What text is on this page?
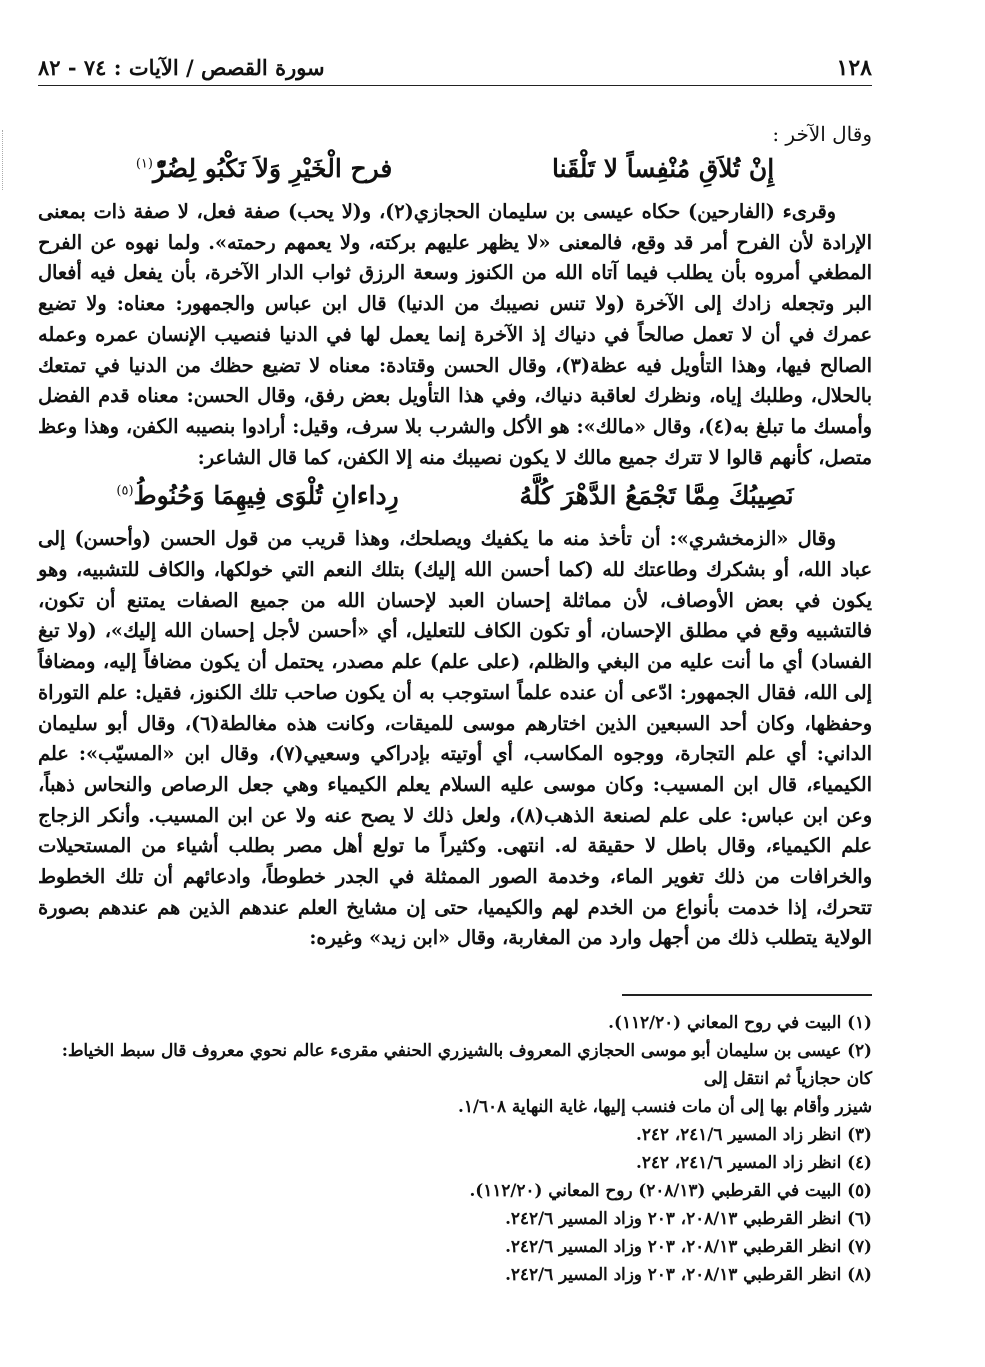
١٢٨
سورة القصص / الآيات : ٧٤ - ٨٢
وقال الآخر :
إِنْ تُلاَقِ مُنْفِساً لا تَلْقَنا
فرح الْخَيْرِ وَلاَ نَكْبُو لِضُرّْ$^{(١)}$

وقرىء (الفارحين) حكاه عيسى بن سليمان الحجازي(٢)، و(لا يحب) صفة فعل، لا صفة ذات بمعنى الإرادة لأن الفرح أمر قد وقع، فالمعنى «لا يظهر عليهم بركته، ولا يعمهم رحمته». ولما نهوه عن الفرح المطغي أمروه بأن يطلب فيما آتاه الله من الكنوز وسعة الرزق ثواب الدار الآخرة، بأن يفعل فيه أفعال البر وتجعله زادك إلى الآخرة (ولا تنس نصيبك من الدنيا) قال ابن عباس والجمهور: معناه: ولا تضيع عمرك في أن لا تعمل صالحاً في دنياك إذ الآخرة إنما يعمل لها في الدنيا فنصيب الإنسان عمره وعمله الصالح فيها، وهذا التأويل فيه عظة(٣)، وقال الحسن وقتادة: معناه لا تضيع حظك من الدنيا في تمتعك بالحلال، وطلبك إياه، ونظرك لعاقبة دنياك، وفي هذا التأويل بعض رفق، وقال الحسن: معناه قدم الفضل وأمسك ما تبلغ به(٤)، وقال «مالك»: هو الأكل والشرب بلا سرف، وقيل: أرادوا بنصيبه الكفن، وهذا وعظ متصل، كأنهم قالوا لا تترك جميع مالك لا يكون نصيبك منه إلا الكفن، كما قال الشاعر:

نَصِيبُكَ مِمَّا تَجْمَعُ الدَّهْرَ كُلَّهُ
رِداءانِ تُلْوَى فِيهِمَا وَحُنُوطُ$^{(٥)}$

وقال «الزمخشري»: أن تأخذ منه ما يكفيك ويصلحك، وهذا قريب من قول الحسن (وأحسن) إلى عباد الله، أو بشكرك وطاعتك لله (كما أحسن الله إليك) بتلك النعم التي خولكها، والكاف للتشبيه، وهو يكون في بعض الأوصاف، لأن مماثلة إحسان العبد لإحسان الله من جميع الصفات يمتنع أن تكون، فالتشبيه وقع في مطلق الإحسان، أو تكون الكاف للتعليل، أي «أحسن لأجل إحسان الله إليك»، (ولا تبغ الفساد) أي ما أنت عليه من البغي والظلم، (على علم) علم مصدر، يحتمل أن يكون مضافاً إليه، ومضافاً إلى الله، فقال الجمهور: ادّعى أن عنده علماً استوجب به أن يكون صاحب تلك الكنوز، فقيل: علم التوراة وحفظها، وكان أحد السبعين الذين اختارهم موسى للميقات، وكانت هذه مغالطة(٦)، وقال أبو سليمان الداني: أي علم التجارة، ووجوه المكاسب، أي أوتيته بإدراكي وسعيي(٧)، وقال ابن «المسيّب»: علم الكيمياء، قال ابن المسيب: وكان موسى عليه السلام يعلم الكيمياء وهي جعل الرصاص والنحاس ذهباً، وعن ابن عباس: على علم لصنعة الذهب(٨)، ولعل ذلك لا يصح عنه ولا عن ابن المسيب. وأنكر الزجاج علم الكيمياء، وقال باطل لا حقيقة له. انتهى. وكثيراً ما تولع أهل مصر بطلب أشياء من المستحيلات والخرافات من ذلك تغوير الماء، وخدمة الصور الممثلة في الجدر خطوطاً، وادعائهم أن تلك الخطوط تتحرك، إذا خدمت بأنواع من الخدم لهم والكيميا، حتى إن مشايخ العلم عندهم الذين هم عندهم بصورة الولاية يتطلب ذلك من أجهل وارد من المغاربة، وقال «ابن زيد» وغيره:

(١) البيت في روح المعاني (١١٢/٢٠).
(٢) عيسى بن سليمان أبو موسى الحجازي المعروف بالشيزري الحنفي مقرىء عالم نحوي معروف قال سبط الخياط: كان حجازياً ثم انتقل إلى
شيزر وأقام بها إلى أن مات فنسب إليها، غاية النهاية ١/٦٠٨.
(٣) انظر زاد المسير ٢٤١/٦، ٢٤٢.
(٤) انظر زاد المسير ٢٤١/٦، ٢٤٢.
(٥) البيت في القرطبي (٢٠٨/١٣) روح المعاني (١١٢/٢٠).
(٦) انظر القرطبي ٢٠٨/١٣، ٢٠٣ وزاد المسير ٢٤٢/٦.
(٧) انظر القرطبي ٢٠٨/١٣، ٢٠٣ وزاد المسير ٢٤٢/٦.
(٨) انظر القرطبي ٢٠٨/١٣، ٢٠٣ وزاد المسير ٢٤٢/٦.
